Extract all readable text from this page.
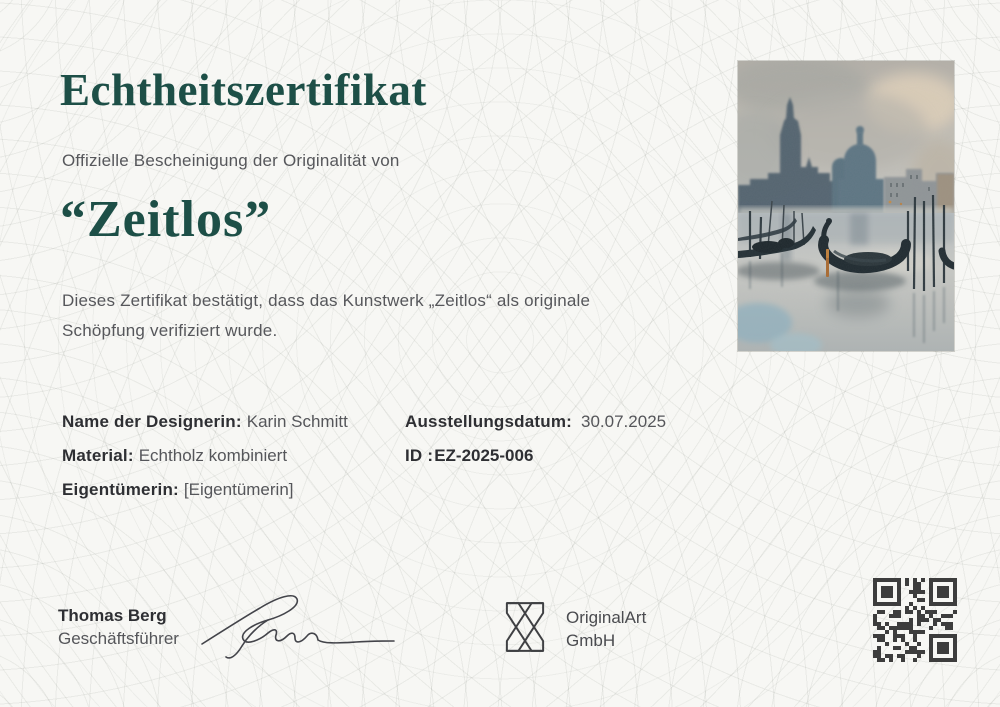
Echtheitszertifikat
Offizielle Bescheinigung der Originalität von
“Zeitlos”
Dieses Zertifikat bestätigt, dass das Kunstwerk „Zeitlos“ als originale Schöpfung verifiziert wurde.
Name der Designerin: Karin Schmitt
Material: Echtholz kombiniert
Eigentümerin: [Eigentümerin]
Ausstellungsdatum: 30.07.2025
ID :EZ-2025-006
Thomas Berg
Geschäftsführer
OriginalArt
GmbH
